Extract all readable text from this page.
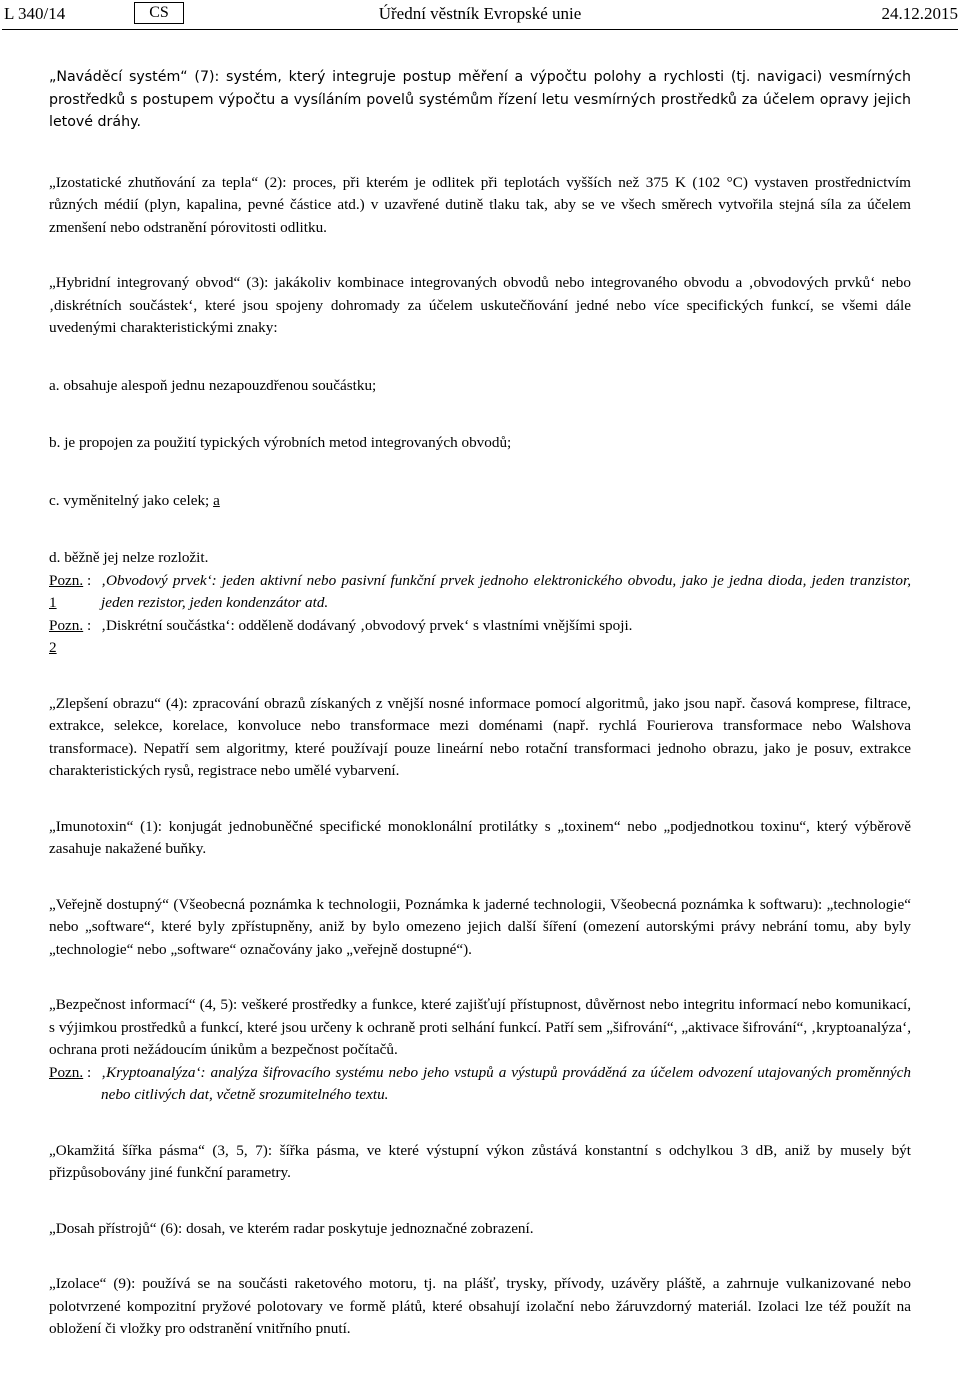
L 340/14	Úřední věstník Evropské unie
CS	24.12.2015

„Naváděcí systém“ (7): systém, který integruje postup měření a výpočtu polohy a rychlosti (tj. navigaci) vesmírných prostředků s postupem výpočtu a vysíláním povelů systémům řízení letu vesmírných prostředků za účelem opravy jejich letové dráhy.

„Izostatické zhutňování za tepla“ (2): proces, při kterém je odlitek při teplotách vyšších než 375 K (102 °C) vystaven prostřednictvím různých médií (plyn, kapalina, pevné částice atd.) v uzavřené dutině tlaku tak, aby se ve všech směrech vytvořila stejná síla za účelem zmenšení nebo odstranění pórovitosti odlitku.

„Hybridní integrovaný obvod“ (3): jakákoliv kombinace integrovaných obvodů nebo integrovaného obvodu a ‚obvodových prvků‘ nebo ‚diskrétních součástek‘, které jsou spojeny dohromady za účelem uskutečňování jedné nebo více specifických funkcí, se všemi dále uvedenými charakteristickými znaky:

a. obsahuje alespoň jednu nezapouzdřenou součástku;

b. je propojen za použití typických výrobních metod integrovaných obvodů;

c. vyměnitelný jako celek; a

d. běžně jej nelze rozložit.

Pozn. 1
: ‚Obvodový prvek‘: jeden aktivní nebo pasivní funkční prvek jednoho elektronického obvodu, jako je jedna dioda, jeden tranzistor, jeden rezistor, jeden kondenzátor atd.
Pozn. 2
: ‚Diskrétní součástka‘: odděleně dodávaný ‚obvodový prvek‘ s vlastními vnějšími spoji.

„Zlepšení obrazu“ (4): zpracování obrazů získaných z vnější nosné informace pomocí algoritmů, jako jsou např. časová komprese, filtrace, extrakce, selekce, korelace, konvoluce nebo transformace mezi doménami (např. rychlá Fourierova transformace nebo Walshova transformace). Nepatří sem algoritmy, které používají pouze lineární nebo rotační transformaci jednoho obrazu, jako je posuv, extrakce charakteristických rysů, registrace nebo umělé vybarvení.

„Imunotoxin“ (1): konjugát jednobuněčné specifické monoklonální protilátky s „toxinem“ nebo „podjednotkou toxinu“, který výběrově zasahuje nakažené buňky.

„Veřejně dostupný“ (Všeobecná poznámka k technologii, Poznámka k jaderné technologii, Všeobecná poznámka k softwaru): „technologie“ nebo „software“, které byly zpřístupněny, aniž by bylo omezeno jejich další šíření (omezení autorskými právy nebrání tomu, aby byly „technologie“ nebo „software“ označovány jako „veřejně dostupné“).

„Bezpečnost informací“ (4, 5): veškeré prostředky a funkce, které zajišťují přístupnost, důvěrnost nebo integritu informací nebo komunikací, s výjimkou prostředků a funkcí, které jsou určeny k ochraně proti selhání funkcí. Patří sem „šifrování“, „aktivace šifrování“, ‚kryptoanalýza‘, ochrana proti nežádoucím únikům a bezpečnost počítačů.

Pozn. : ‚Kryptoanalýza‘: analýza šifrovacího systému nebo jeho vstupů a výstupů prováděná za účelem odvození utajovaných proměnných nebo citlivých dat, včetně srozumitelného textu.

„Okamžitá šířka pásma“ (3, 5, 7): šířka pásma, ve které výstupní výkon zůstává konstantní s odchylkou 3 dB, aniž by musely být přizpůsobovány jiné funkční parametry.

„Dosah přístrojů“ (6): dosah, ve kterém radar poskytuje jednoznačné zobrazení.

„Izolace“ (9): používá se na součásti raketového motoru, tj. na plášť, trysky, přívody, uzávěry pláště, a zahrnuje vulkanizované nebo polotvrzené kompozitní pryžové polotovary ve formě plátů, které obsahují izolační nebo žáruvzdorný materiál. Izolaci lze též použít na obložení či vložky pro odstranění vnitřního pnutí.
